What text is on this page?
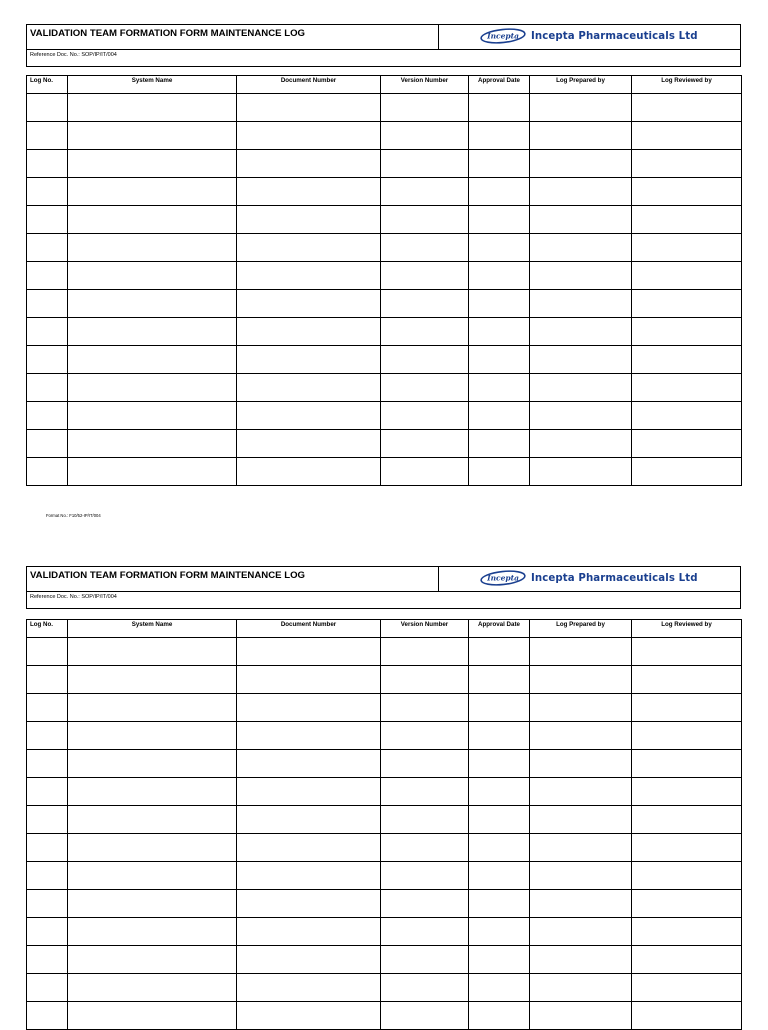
VALIDATION TEAM FORMATION FORM MAINTENANCE LOG	Incepta Incepta Pharmaceuticals Ltd
Reference Doc. No.: SOP/IP/IT/004
Log No.	System Name	Document Number	Version Number	Approval Date	Log Prepared by	Log Reviewed by

Format No.: F10/52-IP/IT/004
VALIDATION TEAM FORMATION FORM MAINTENANCE LOG	Incepta Incepta Pharmaceuticals Ltd
Reference Doc. No.: SOP/IP/IT/004
Log No.	System Name	Document Number	Version Number	Approval Date	Log Prepared by	Log Reviewed by
